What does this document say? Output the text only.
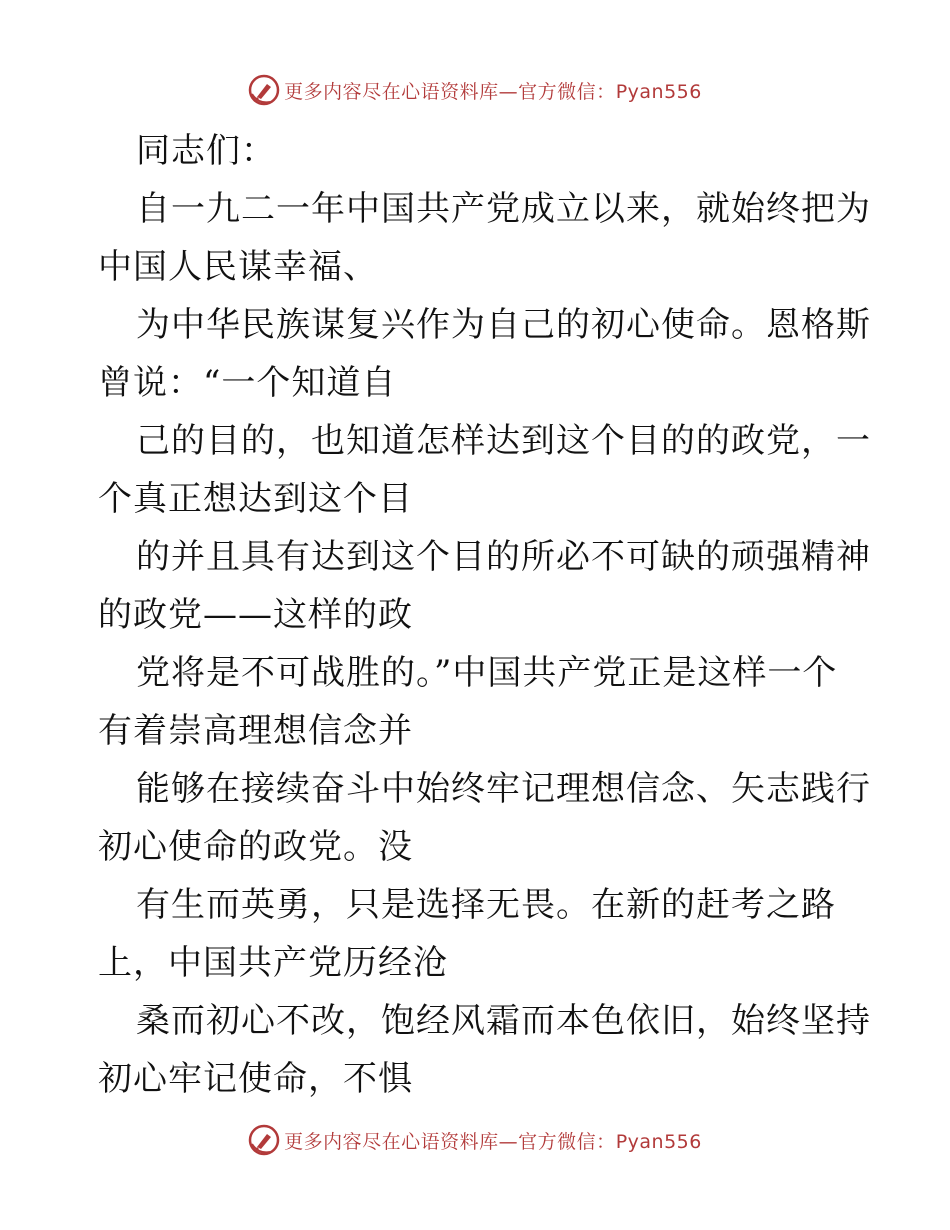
更多内容尽在心语资料库—官方微信：Pyan556
同志们：
自一九二一年中国共产党成立以来，就始终把为
中国人民谋幸福、
为中华民族谋复兴作为自己的初心使命。恩格斯
曾说：“一个知道自
己的目的，也知道怎样达到这个目的的政党，一
个真正想达到这个目
的并且具有达到这个目的所必不可缺的顽强精神
的政党——这样的政
党将是不可战胜的。”中国共产党正是这样一个
有着崇高理想信念并
能够在接续奋斗中始终牢记理想信念、矢志践行
初心使命的政党。没
有生而英勇，只是选择无畏。在新的赶考之路
上，中国共产党历经沧
桑而初心不改，饱经风霜而本色依旧，始终坚持
初心牢记使命，不惧
更多内容尽在心语资料库—官方微信：Pyan556
